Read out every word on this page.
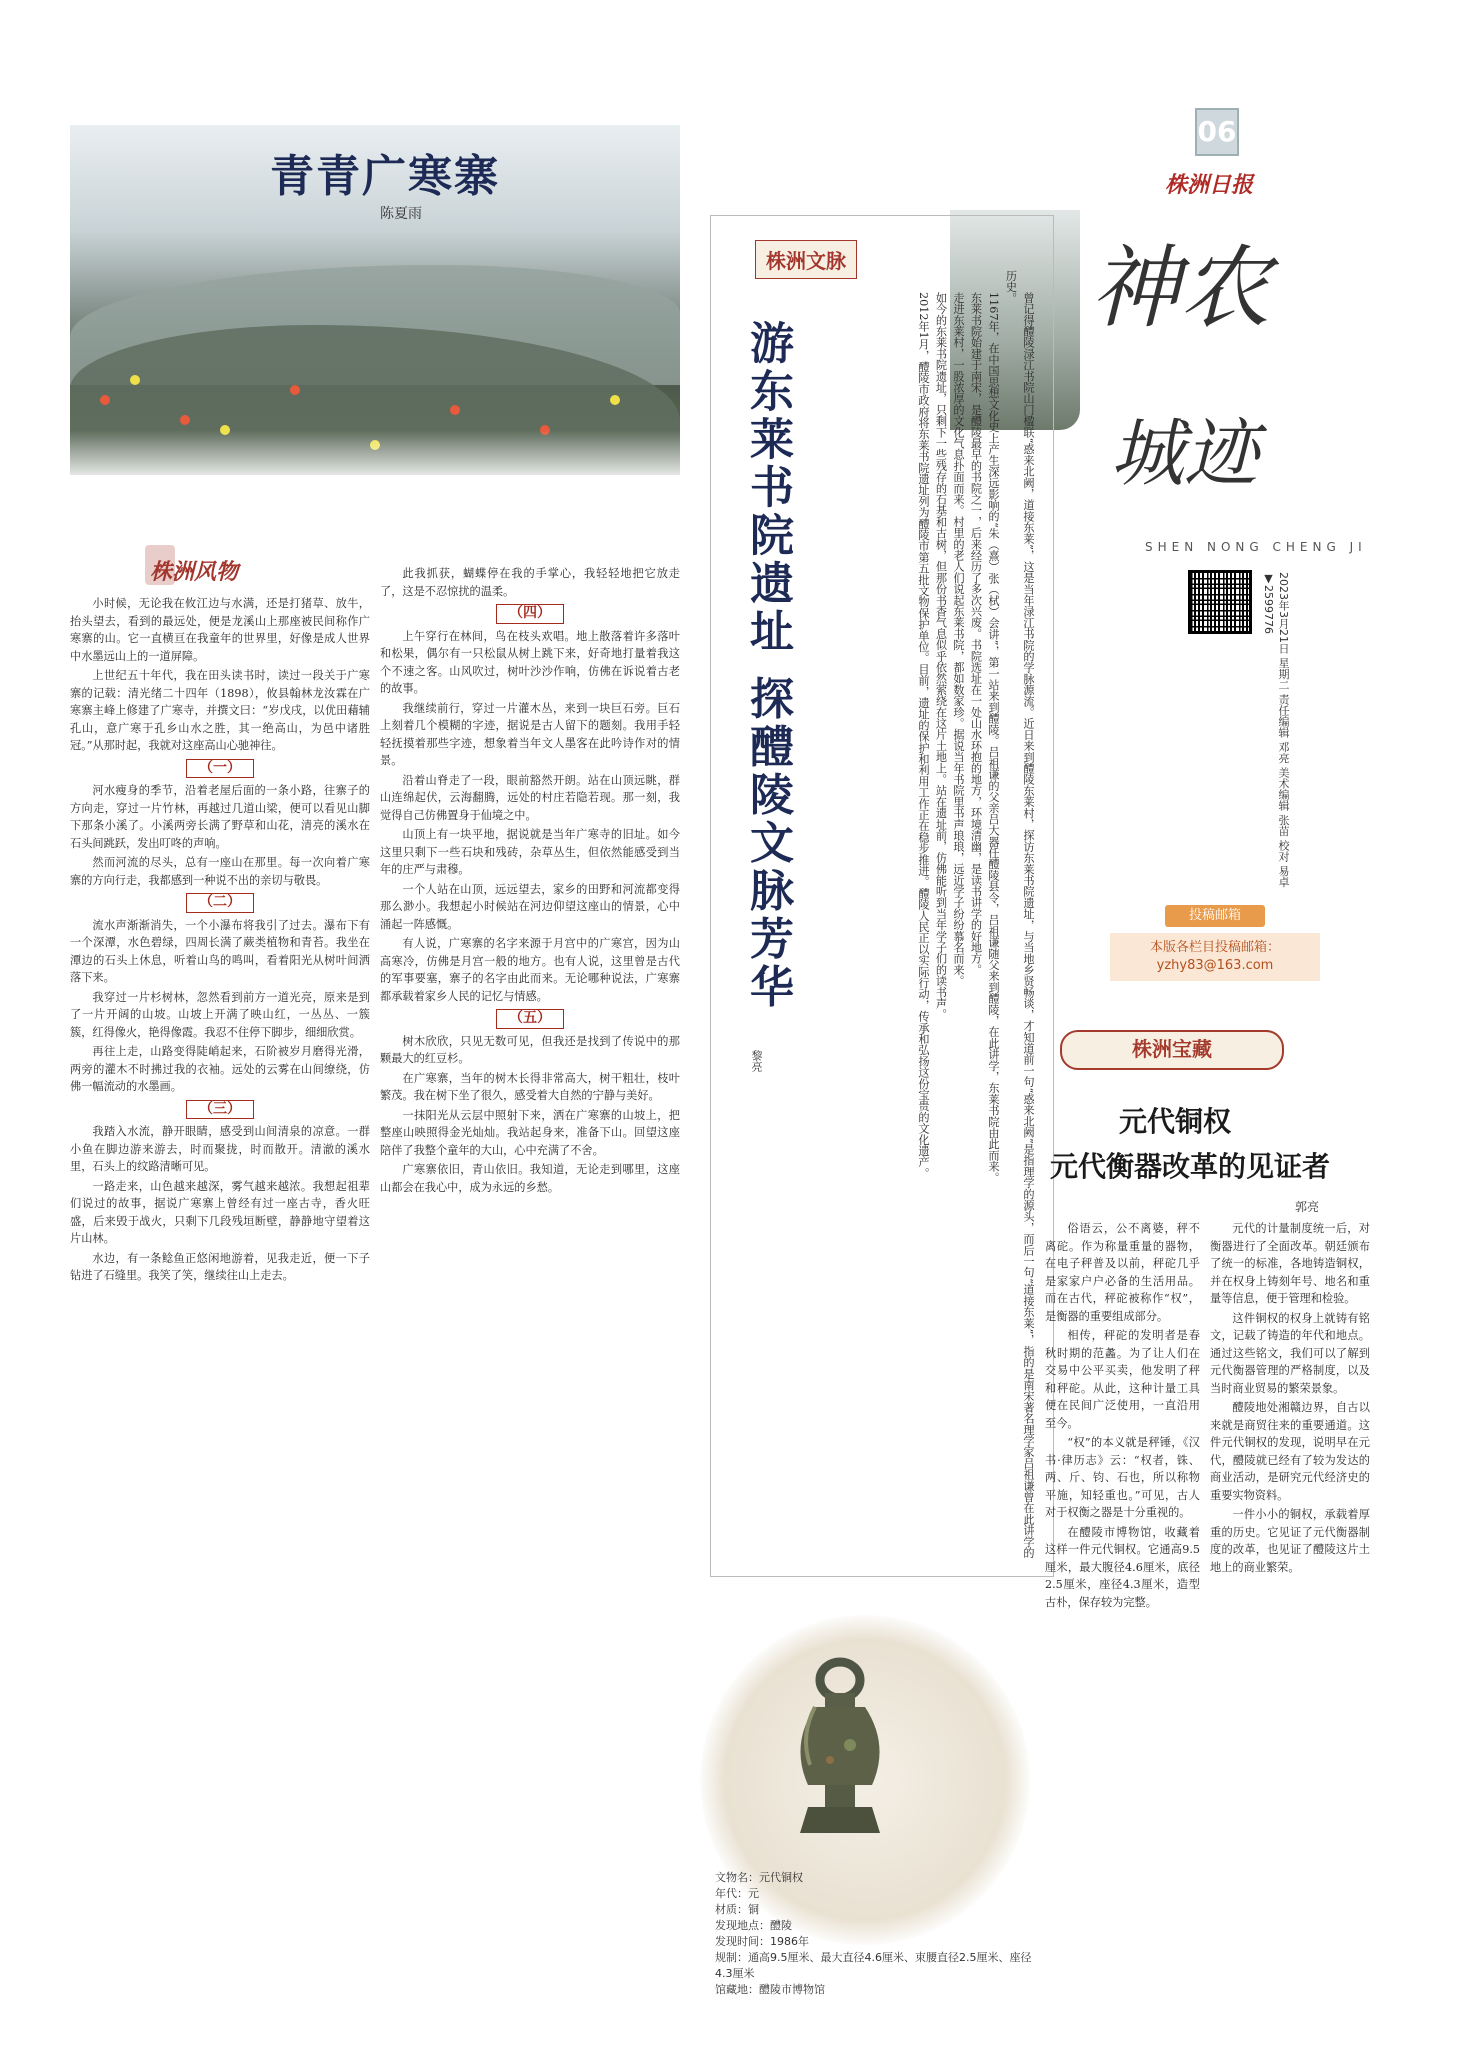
06
株洲日报
神农
城迹
SHEN NONG CHENG JI
2023年3月21日 星期二 责任编辑 邓亮 美术编辑 张苗 校对 易卓 ▼2599776
投稿邮箱
本版各栏目投稿邮箱：
yzhy83@163.com
青青广寒寨
陈夏雨
株洲风物

小时候，无论我在攸江边与水满，还是打猪草、放牛，抬头望去，看到的最远处，便是龙溪山上那座被民间称作广寒寨的山。它一直横亘在我童年的世界里，好像是成人世界中水墨远山上的一道屏障。

上世纪五十年代，我在田头读书时，读过一段关于广寒寨的记载：清光绪二十四年（1898），攸县翰林龙汝霖在广寒寨主峰上修建了广寒寺，并撰文曰：“岁戊戌，以优田藉辅孔山，意广寒于孔乡山水之胜，其一绝高山，为邑中诸胜冠。”从那时起，我就对这座高山心驰神往。

（一）

河水瘦身的季节，沿着老屋后面的一条小路，往寨子的方向走，穿过一片竹林，再越过几道山梁，便可以看见山脚下那条小溪了。小溪两旁长满了野草和山花，清亮的溪水在石头间跳跃，发出叮咚的声响。

然而河流的尽头，总有一座山在那里。每一次向着广寒寨的方向行走，我都感到一种说不出的亲切与敬畏。

（二）

流水声渐渐消失，一个小瀑布将我引了过去。瀑布下有一个深潭，水色碧绿，四周长满了蕨类植物和青苔。我坐在潭边的石头上休息，听着山鸟的鸣叫，看着阳光从树叶间洒落下来。

我穿过一片杉树林，忽然看到前方一道光亮，原来是到了一片开阔的山坡。山坡上开满了映山红，一丛丛、一簇簇，红得像火，艳得像霞。我忍不住停下脚步，细细欣赏。

再往上走，山路变得陡峭起来，石阶被岁月磨得光滑，两旁的灌木不时拂过我的衣袖。远处的云雾在山间缭绕，仿佛一幅流动的水墨画。

（三）

我踏入水流，静开眼睛，感受到山间清泉的凉意。一群小鱼在脚边游来游去，时而聚拢，时而散开。清澈的溪水里，石头上的纹路清晰可见。

一路走来，山色越来越深，雾气越来越浓。我想起祖辈们说过的故事，据说广寒寨上曾经有过一座古寺，香火旺盛，后来毁于战火，只剩下几段残垣断壁，静静地守望着这片山林。

水边，有一条鲶鱼正悠闲地游着，见我走近，便一下子钻进了石缝里。我笑了笑，继续往山上走去。

此我抓获，蝴蝶停在我的手掌心，我轻轻地把它放走了，这是不忍惊扰的温柔。

（四）

上午穿行在林间，鸟在枝头欢唱。地上散落着许多落叶和松果，偶尔有一只松鼠从树上跳下来，好奇地打量着我这个不速之客。山风吹过，树叶沙沙作响，仿佛在诉说着古老的故事。

我继续前行，穿过一片灌木丛，来到一块巨石旁。巨石上刻着几个模糊的字迹，据说是古人留下的题刻。我用手轻轻抚摸着那些字迹，想象着当年文人墨客在此吟诗作对的情景。

沿着山脊走了一段，眼前豁然开朗。站在山顶远眺，群山连绵起伏，云海翻腾，远处的村庄若隐若现。那一刻，我觉得自己仿佛置身于仙境之中。

山顶上有一块平地，据说就是当年广寒寺的旧址。如今这里只剩下一些石块和残砖，杂草丛生，但依然能感受到当年的庄严与肃穆。

一个人站在山顶，远远望去，家乡的田野和河流都变得那么渺小。我想起小时候站在河边仰望这座山的情景，心中涌起一阵感慨。

有人说，广寒寨的名字来源于月宫中的广寒宫，因为山高寒冷，仿佛是月宫一般的地方。也有人说，这里曾是古代的军事要塞，寨子的名字由此而来。无论哪种说法，广寒寨都承载着家乡人民的记忆与情感。

（五）

树木欣欣，只见无数可见，但我还是找到了传说中的那颗最大的红豆杉。

在广寒寨，当年的树木长得非常高大，树干粗壮，枝叶繁茂。我在树下坐了很久，感受着大自然的宁静与美好。

一抹阳光从云层中照射下来，洒在广寒寨的山坡上，把整座山映照得金光灿灿。我站起身来，准备下山。回望这座陪伴了我整个童年的大山，心中充满了不舍。

广寒寨依旧，青山依旧。我知道，无论走到哪里，这座山都会在我心中，成为永远的乡愁。

株洲文脉
游东莱书院遗址 探醴陵文脉芳华
黎亮	曾记得醴陵渌江书院山门楹联“惑来北阙，道接东莱”，这是当年渌江书院的学脉源流。近日来到醴陵东莱村，探访东莱书院遗址，与当地乡贤畅谈，才知道前一句“惑来北阙”是指理学的源头，而后一句“道接东莱”，指的是南宋著名理学家吕祖谦曾在此讲学的历史。

1167年，在中国思想文化史上产生深远影响的“朱（熹）张（栻）会讲”，第一站来到醴陵。吕祖谦的父亲吕大器任醴陵县令，吕祖谦随父来到醴陵，在此讲学，东莱书院由此而来。

东莱书院始建于南宋，是醴陵最早的书院之一，后来经历了多次兴废。书院选址在一处山水环抱的地方，环境清幽，是读书讲学的好地方。

走进东莱村，一股浓厚的文化气息扑面而来。村里的老人们说起东莱书院，都如数家珍。据说当年书院里书声琅琅，远近学子纷纷慕名而来。

如今的东莱书院遗址，只剩下一些残存的石基和古树，但那份书香气息似乎依然萦绕在这片土地上。站在遗址前，仿佛能听到当年学子们的读书声。

2012年1月，醴陵市政府将东莱书院遗址列为醴陵市第五批文物保护单位。目前，遗址的保护和利用工作正在稳步推进。醴陵人民正以实际行动，传承和弘扬这份宝贵的文化遗产。	株洲宝藏
元代铜权
元代衡器改革的见证者
郭亮

俗语云，公不离婆，秤不离砣。作为称量重量的器物，在电子秤普及以前，秤砣几乎是家家户户必备的生活用品。而在古代，秤砣被称作“权”，是衡器的重要组成部分。

相传，秤砣的发明者是春秋时期的范蠡。为了让人们在交易中公平买卖，他发明了秤和秤砣。从此，这种计量工具便在民间广泛使用，一直沿用至今。

“权”的本义就是秤锤，《汉书·律历志》云：“权者，铢、两、斤、钧、石也，所以称物平施，知轻重也。”可见，古人对于权衡之器是十分重视的。

在醴陵市博物馆，收藏着这样一件元代铜权。它通高9.5厘米，最大腹径4.6厘米，底径2.5厘米，座径4.3厘米，造型古朴，保存较为完整。

元代的计量制度统一后，对衡器进行了全面改革。朝廷颁布了统一的标准，各地铸造铜权，并在权身上铸刻年号、地名和重量等信息，便于管理和检验。

这件铜权的权身上就铸有铭文，记载了铸造的年代和地点。通过这些铭文，我们可以了解到元代衡器管理的严格制度，以及当时商业贸易的繁荣景象。

醴陵地处湘赣边界，自古以来就是商贸往来的重要通道。这件元代铜权的发现，说明早在元代，醴陵就已经有了较为发达的商业活动，是研究元代经济史的重要实物资料。

一件小小的铜权，承载着厚重的历史。它见证了元代衡器制度的改革，也见证了醴陵这片土地上的商业繁荣。

文物名：元代铜权
年代：元
材质：铜
发现地点：醴陵
发现时间：1986年
规制：通高9.5厘米、最大直径4.6厘米、束腰直径2.5厘米、座径4.3厘米
馆藏地：醴陵市博物馆
